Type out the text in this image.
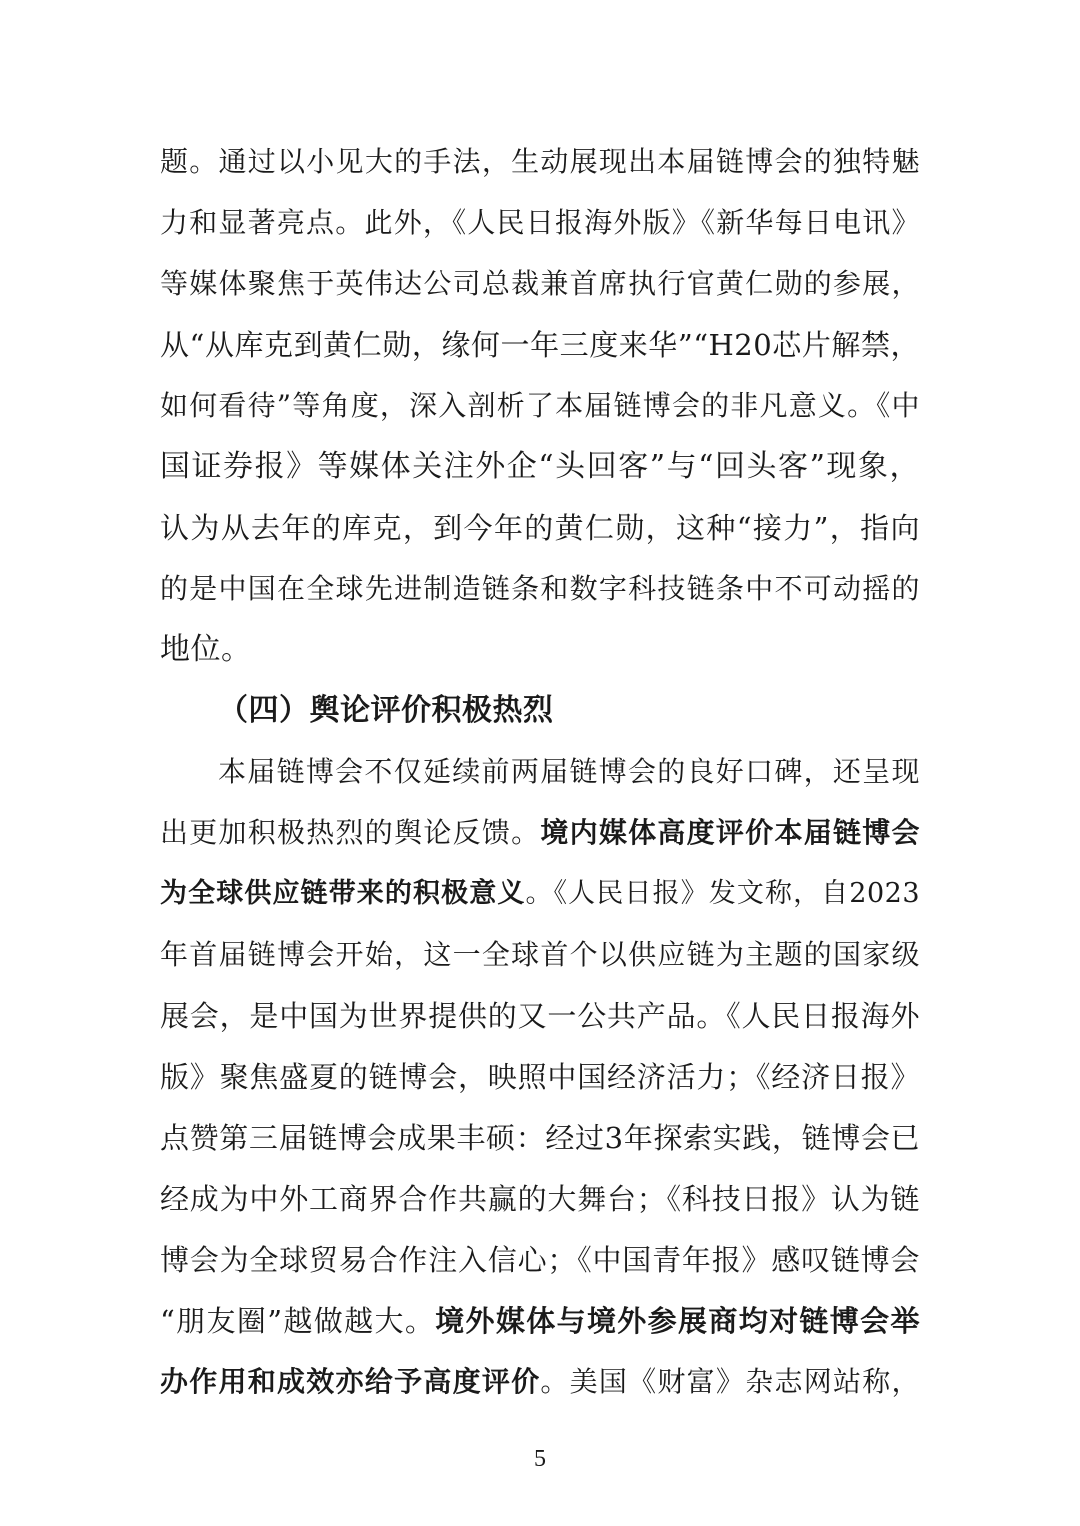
题。通过以小见大的手法，生动展现出本届链博会的独特魅
力和显著亮点。此外，《人民日报海外版》《新华每日电讯》
等媒体聚焦于英伟达公司总裁兼首席执行官黄仁勋的参展，
从“从库克到黄仁勋，缘何一年三度来华”“H20芯片解禁，
如何看待”等角度，深入剖析了本届链博会的非凡意义。《中
国证券报》等媒体关注外企“头回客”与“回头客”现象，
认为从去年的库克，到今年的黄仁勋，这种“接力”，指向
的是中国在全球先进制造链条和数字科技链条中不可动摇的
地位。
（四）舆论评价积极热烈
本届链博会不仅延续前两届链博会的良好口碑，还呈现
出更加积极热烈的舆论反馈。境内媒体高度评价本届链博会
为全球供应链带来的积极意义。《人民日报》发文称，自2023
年首届链博会开始，这一全球首个以供应链为主题的国家级
展会，是中国为世界提供的又一公共产品。《人民日报海外
版》聚焦盛夏的链博会，映照中国经济活力；《经济日报》
点赞第三届链博会成果丰硕：经过3年探索实践，链博会已
经成为中外工商界合作共赢的大舞台；《科技日报》认为链
博会为全球贸易合作注入信心；《中国青年报》感叹链博会
“朋友圈”越做越大。境外媒体与境外参展商均对链博会举
办作用和成效亦给予高度评价。美国《财富》杂志网站称，
5
